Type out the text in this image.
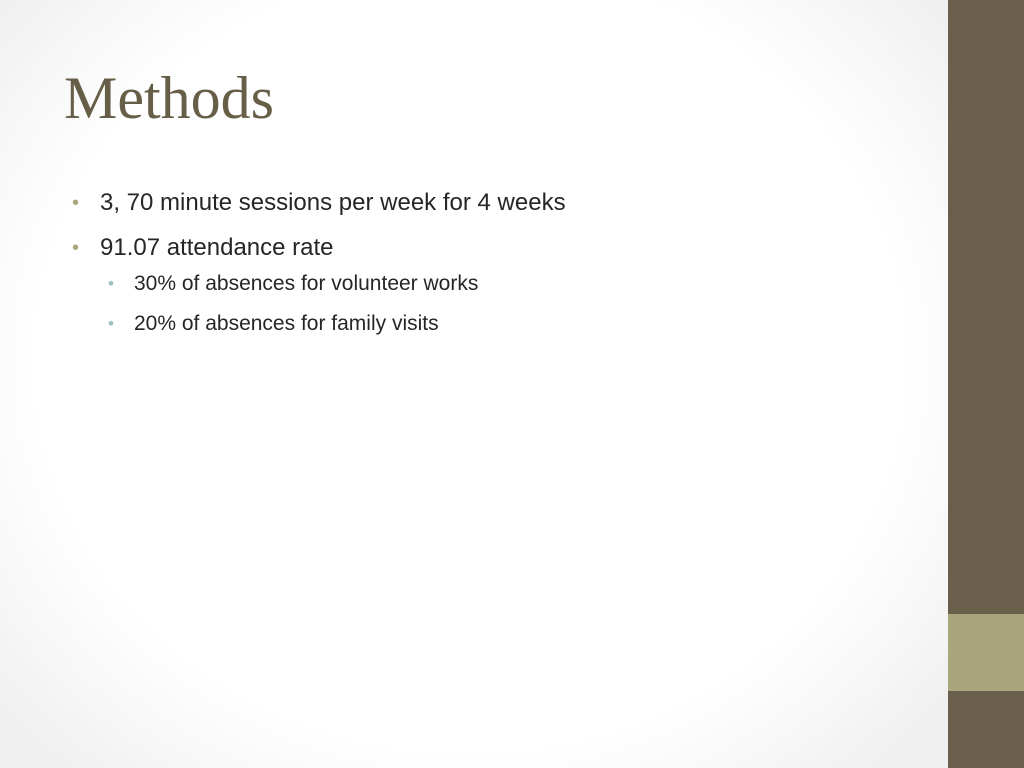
Methods
• 3, 70 minute sessions per week for 4 weeks
• 91.07 attendance rate
• 30% of absences for volunteer works
• 20% of absences for family visits
